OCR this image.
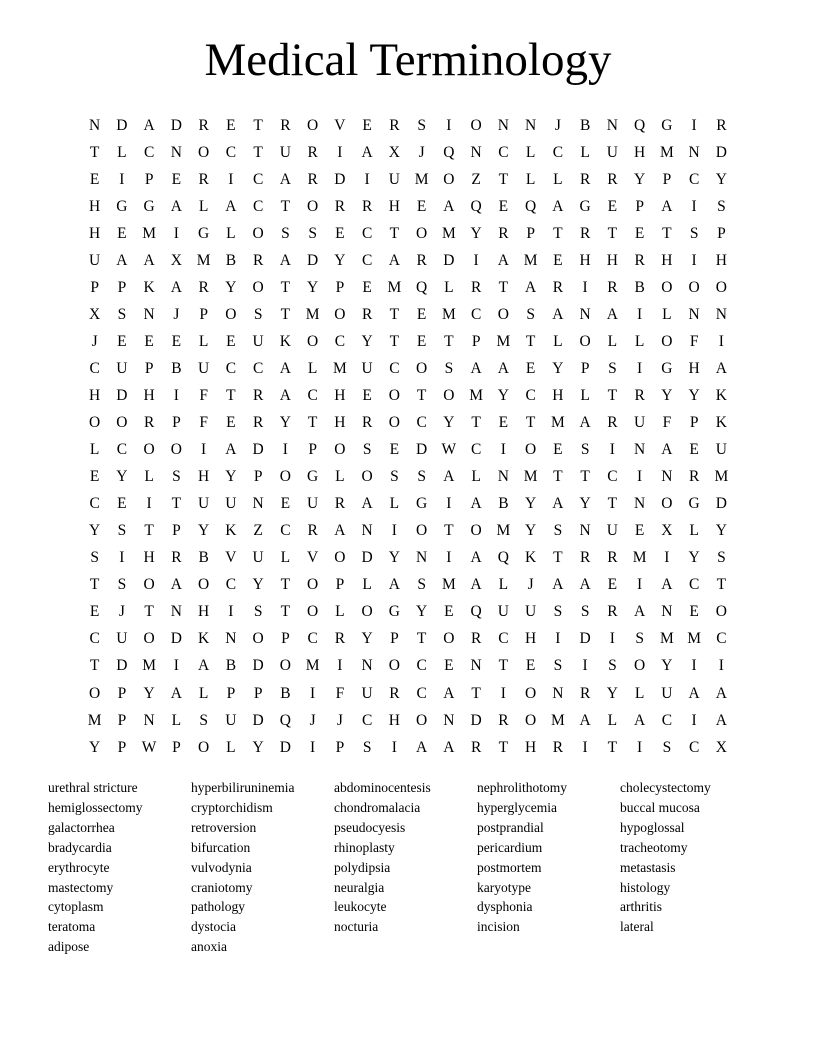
Medical Terminology
N	D	A	D	R	E	T	R	O	V	E	R	S	I	O	N	N	J	B	N	Q	G	I	R
T	L	C	N	O	C	T	U	R	I	A	X	J	Q	N	C	L	C	L	U	H M N	D
E	I	P	E	R	I	C	A	R	D	I	U M O	Z	T	L	L	R	R	Y	P	C	Y
H	G	G	A	L	A	C	T	O	R	R	H	E	A	Q	E	Q	A	G	E	P	A	I	S
H	E	M	I	G	L	O	S	S	E	C	T	O M Y	R	P	T	R	T	E	T	S	P
U	A	A	X M B	R	A	D	Y	C	A	R	D	I	A M	E	H	H	R	H	I	H
P	P	K	A	R	Y	O	T	Y	P	E	M Q	L	R	T	A	R	I	R	B	O	O	O
X	S	N	J	P	O	S	T	M O	R	T	E	M C	O	S	A	N	A	I	L	N	N
J	E	E	E	L	E	U	K	O	C	Y	T	E	T	P	M	T	L	O	L	L	O	F	I
C	U	P	B	U	C	C	A	L	M U	C	O	S	A	A	E	Y	P	S	I	G	H	A
H	D	H	I	F	T	R	A	C	H	E	O	T	O M Y	C	H	L	T	R	Y	Y	K
O	O	R	P	F	E	R	Y	T	H	R	O	C	Y	T	E	T	M A	R	U	F	P	K
L	C	O	O	I	A	D	I	P	O	S	E	D W C	I	O	E	S	I	N	A	E	U
E	Y	L	S	H	Y	P	O	G	L	O	S	S	A	L	N M	T	T	C	I	N	R M
C	E	I	T	U	U	N	E	U	R	A	L	G	I	A	B	Y	A	Y	T	N	O	G	D
Y	S	T	P	Y	K	Z	C	R	A	N	I	O	T	O M Y	S	N	U	E	X	L	Y
S	I	H	R	B	V	U	L	V	O	D	Y	N	I	A	Q	K	T	R	R M	I	Y	S
T	S	O	A	O	C	Y	T	O	P	L	A	S	M A	L	J	A	A	E	I	A	C	T
E	J	T	N	H	I	S	T	O	L	O	G	Y	E	Q	U	U	S	S	R	A	N	E	O
C	U	O	D	K	N	O	P	C	R	Y	P	T	O	R	C	H	I	D	I	S	M M C
T	D M	I	A	B	D	O M	I	N	O	C	E	N	T	E	S	I	S	O	Y	I	I
O	P	Y	A	L	P	P	B	I	F	U	R	C	A	T	I	O	N	R	Y	L	U	A	A
M	P	N	L	S	U	D	Q	J	J	C	H	O	N	D	R	O M A	L	A	C	I	A
Y	P	W	P	O	L	Y	D	I	P	S	I	A	A	R	T	H	R	I	T	I	S	C	X
urethral stricture
hemiglossectomy
galactorrhea
bradycardia
erythrocyte
mastectomy
cytoplasm
teratoma
adipose
hyperbiliruninemia
cryptorchidism
retroversion
bifurcation
vulvodynia
craniotomy
pathology
dystocia
anoxia
abdominocentesis
chondromalacia
pseudocyesis
rhinoplasty
polydipsia
neuralgia
leukocyte
nocturia
nephrolithotomy
hyperglycemia
postprandial
pericardium
postmortem
karyotype
dysphonia
incision
cholecystectomy
buccal mucosa
hypoglossal
tracheotomy
metastasis
histology
arthritis
lateral
